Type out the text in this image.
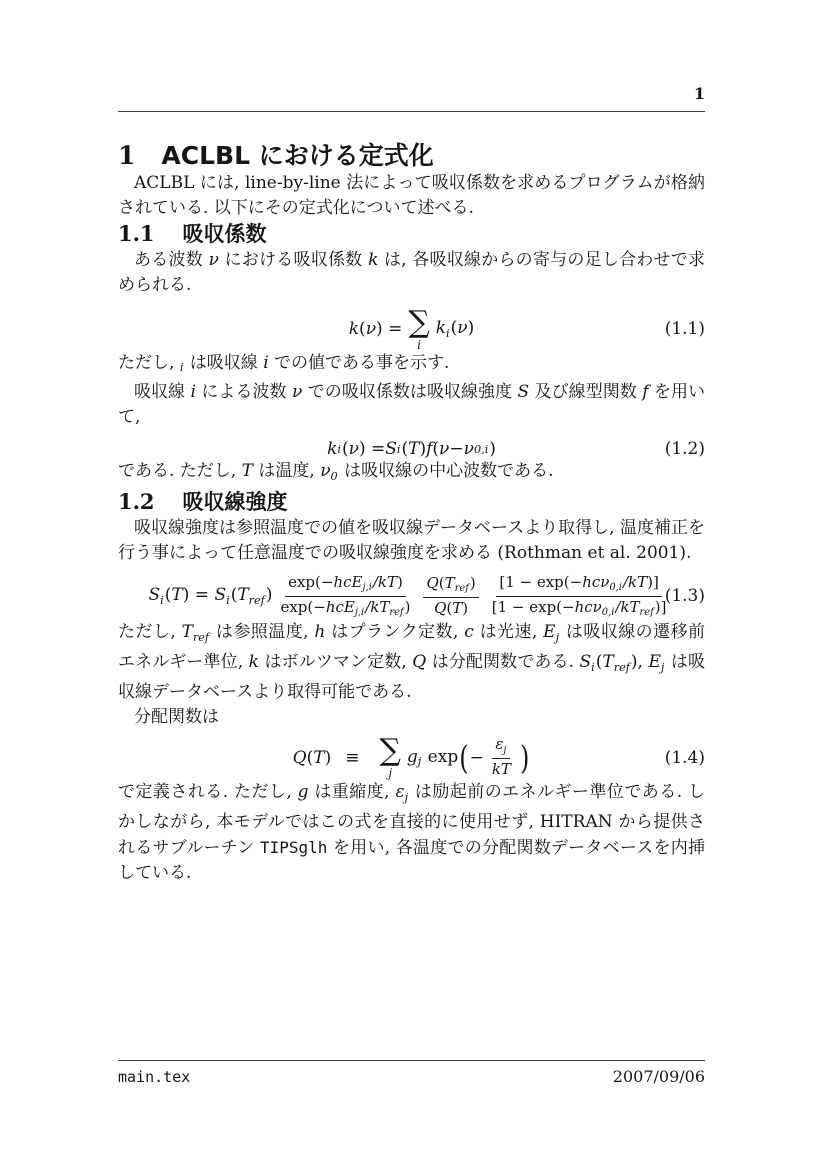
1
1 ACLBL における定式化

ACLBL には, line-by-line 法によって吸収係数を求めるプログラムが格納されている. 以下にその定式化について述べる.

1.1 吸収係数

ある波数 ν における吸収係数 k は, 各吸収線からの寄与の足し合わせで求められる.

k(ν) = ∑
i
$k_i(\nu)$	(1.1)

ただし, $_i$ は吸収線 i での値である事を示す.

吸収線 i による波数 ν での吸収係数は吸収線強度 S 及び線型関数 f を用いて,

k i ( ν ) = S i ( T ) f ( ν − ν 0,i )	(1.2)

である. ただし, T は温度, $\nu_0$ は吸収線の中心波数である.

1.2 吸収線強度

吸収線強度は参照温度での値を吸収線データベースより取得し, 温度補正を行う事によって任意温度での吸収線強度を求める (Rothman et al. 2001).

$S_i(T) = S_i(T_{ref}) \frac{\exp(-hcE_{j,i}/kT)}{\exp(-hcE_{j,i}/kT_{ref})} \frac{Q(T_{ref})}{Q(T)} \frac{[1 - \exp(-hc\nu_{0,i}/kT)]}{[1 - \exp(-hc\nu_{0,i}/kT_{ref})]}$
(1.3)

ただし, $T_{ref}$ は参照温度, h はプランク定数, c は光速, $E_j$ は吸収線の遷移前エネルギー準位, k はボルツマン定数, Q は分配関数である. $S_i(T_{ref})$, $E_j$ は吸収線データベースより取得可能である.

分配関数は

Q(T) ≡ ∑
j
$g_j$ exp ( − $\frac{\varepsilon_j}{kT}$ )	(1.4)

で定義される. ただし, g は重縮度, $\varepsilon_j$ は励起前のエネルギー準位である. しかしながら, 本モデルではこの式を直接的に使用せず, HITRAN から提供されるサブルーチン TIPSglh を用い, 各温度での分配関数データベースを内挿している.

main.tex	2007/09/06
